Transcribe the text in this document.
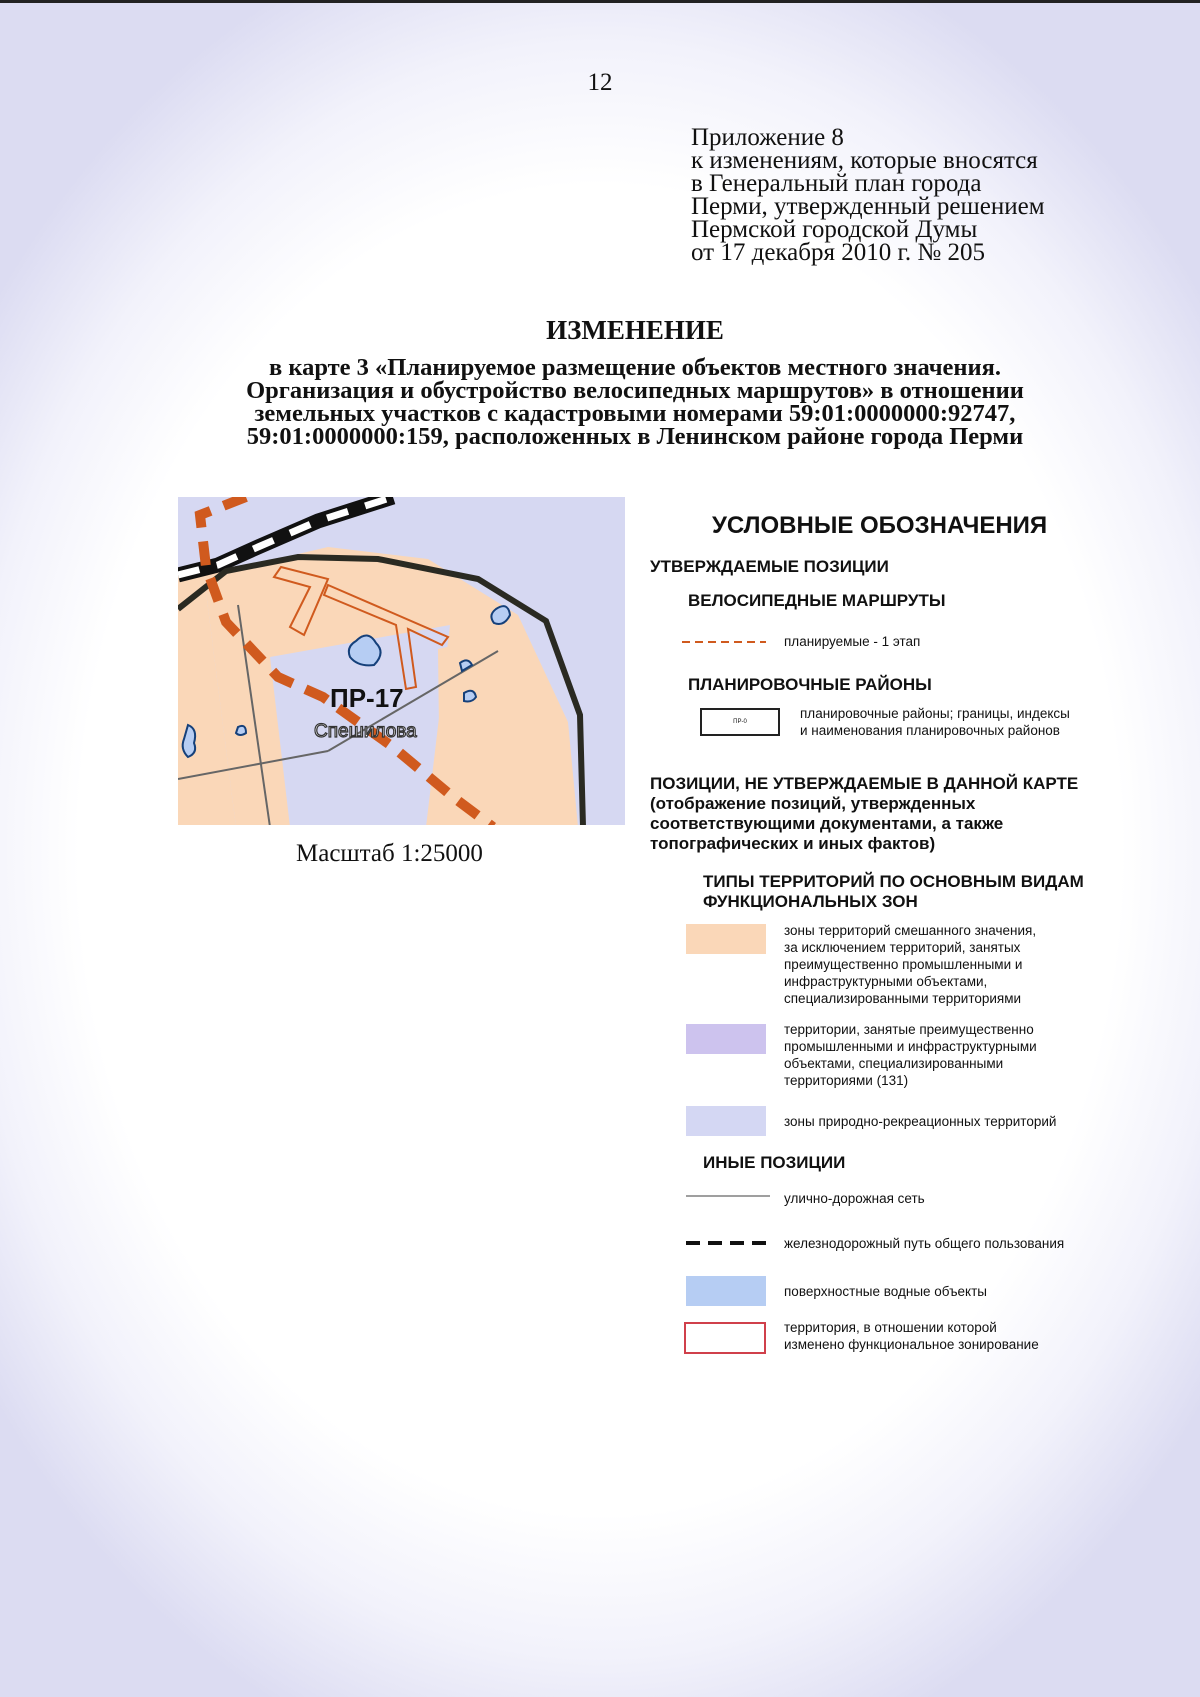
12
Приложение 8
к изменениям, которые вносятся
в Генеральный план города
Перми, утвержденный решением
Пермской городской Думы
от 17 декабря 2010 г. № 205
ИЗМЕНЕНИЕ
в карте 3 «Планируемое размещение объектов местного значения.
Организация и обустройство велосипедных маршрутов» в отношении
земельных участков с кадастровыми номерами 59:01:0000000:92747,
59:01:0000000:159, расположенных в Ленинском районе города Перми
ПР-17
Спешилова
Масштаб 1:25000
УСЛОВНЫЕ ОБОЗНАЧЕНИЯ
УТВЕРЖДАЕМЫЕ ПОЗИЦИИ
ВЕЛОСИПЕДНЫЕ МАРШРУТЫ
планируемые - 1 этап
ПЛАНИРОВОЧНЫЕ РАЙОНЫ
ПР-0
планировочные районы; границы, индексы
и наименования планировочных районов
ПОЗИЦИИ, НЕ УТВЕРЖДАЕМЫЕ В ДАННОЙ КАРТЕ
(отображение позиций, утвержденных
соответствующими документами, а также
топографических и иных фактов)
ТИПЫ ТЕРРИТОРИЙ ПО ОСНОВНЫМ ВИДАМ
ФУНКЦИОНАЛЬНЫХ ЗОН
зоны территорий смешанного значения,
за исключением территорий, занятых
преимущественно промышленными и
инфраструктурными объектами,
специализированными территориями
территории, занятые преимущественно
промышленными и инфраструктурными
объектами, специализированными
территориями (131)
зоны природно-рекреационных территорий
ИНЫЕ ПОЗИЦИИ
улично-дорожная сеть
железнодорожный путь общего пользования
поверхностные водные объекты
территория, в отношении которой
изменено функциональное зонирование
